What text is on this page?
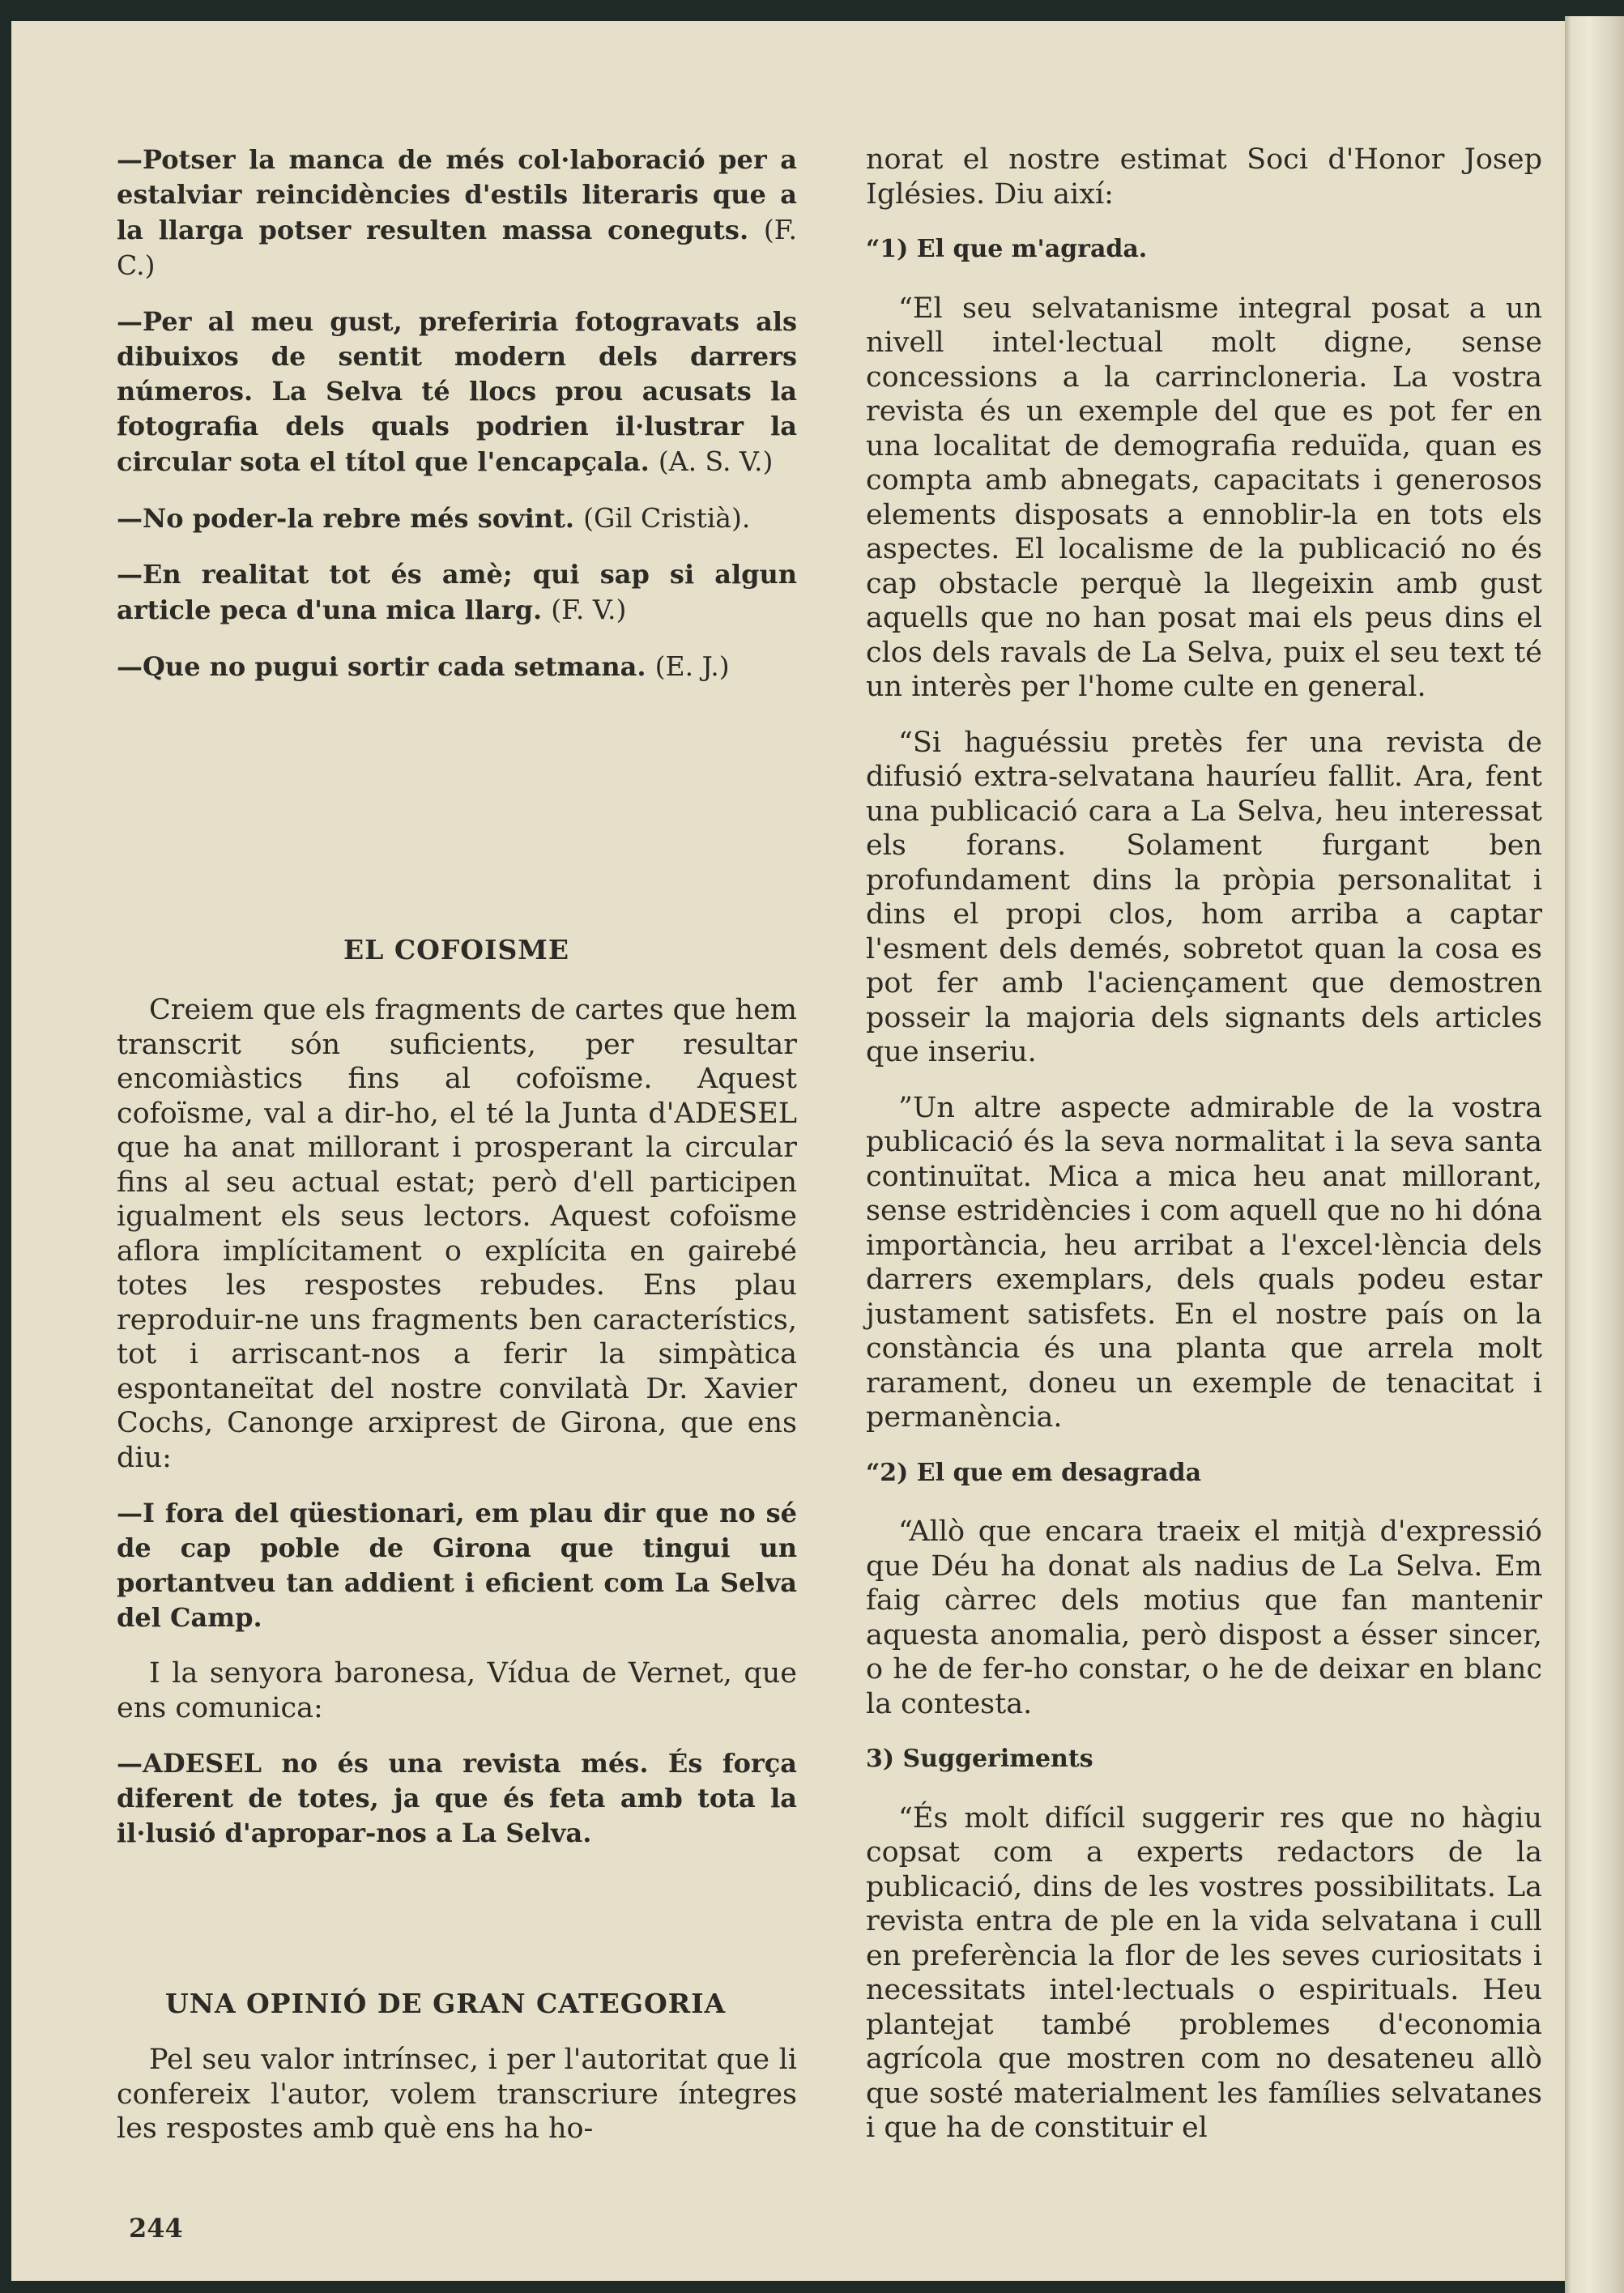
—Potser la manca de més col·laboració per a estalviar reincidències d'estils literaris que a la llarga potser resulten massa coneguts. (F. C.)

—Per al meu gust, preferiria fotogravats als dibuixos de sentit modern dels darrers números. La Selva té llocs prou acusats la fotografia dels quals podrien il·lustrar la circular sota el títol que l'encapçala. (A. S. V.)

—No poder-la rebre més sovint. (Gil Cristià).

—En realitat tot és amè; qui sap si algun article peca d'una mica llarg. (F. V.)

—Que no pugui sortir cada setmana. (E. J.)

EL COFOISME

Creiem que els fragments de cartes que hem transcrit són suficients, per resultar encomiàstics fins al cofoïsme. Aquest cofoïsme, val a dir-ho, el té la Junta d'ADESEL que ha anat millorant i prosperant la circular fins al seu actual estat; però d'ell participen igualment els seus lectors. Aquest cofoïsme aflora implícitament o explícita en gairebé totes les respostes rebudes. Ens plau reproduir-ne uns fragments ben característics, tot i arriscant-nos a ferir la simpàtica espontaneïtat del nostre convilatà Dr. Xavier Cochs, Canonge arxiprest de Girona, que ens diu:

—I fora del qüestionari, em plau dir que no sé de cap poble de Girona que tingui un portantveu tan addient i eficient com La Selva del Camp.

I la senyora baronesa, Vídua de Vernet, que ens comunica:

—ADESEL no és una revista més. És força diferent de totes, ja que és feta amb tota la il·lusió d'apropar-nos a La Selva.

UNA OPINIÓ DE GRAN CATEGORIA

Pel seu valor intrínsec, i per l'autoritat que li confereix l'autor, volem transcriure íntegres les respostes amb què ens ha ho-

norat el nostre estimat Soci d'Honor Josep Iglésies. Diu així:

“1) El que m'agrada.

“El seu selvatanisme integral posat a un nivell intel·lectual molt digne, sense concessions a la carrincloneria. La vostra revista és un exemple del que es pot fer en una localitat de demografia reduïda, quan es compta amb abnegats, capacitats i generosos elements disposats a ennoblir-la en tots els aspectes. El localisme de la publicació no és cap obstacle perquè la llegeixin amb gust aquells que no han posat mai els peus dins el clos dels ravals de La Selva, puix el seu text té un interès per l'home culte en general.

“Si haguéssiu pretès fer una revista de difusió extra-selvatana hauríeu fallit. Ara, fent una publicació cara a La Selva, heu interessat els forans. Solament furgant ben profundament dins la pròpia personalitat i dins el propi clos, hom arriba a captar l'esment dels demés, sobretot quan la cosa es pot fer amb l'aciençament que demostren posseir la majoria dels signants dels articles que inseriu.

”Un altre aspecte admirable de la vostra publicació és la seva normalitat i la seva santa continuïtat. Mica a mica heu anat millorant, sense estridències i com aquell que no hi dóna importància, heu arribat a l'excel·lència dels darrers exemplars, dels quals podeu estar justament satisfets. En el nostre país on la constància és una planta que arrela molt rarament, doneu un exemple de tenacitat i permanència.

“2) El que em desagrada

“Allò que encara traeix el mitjà d'expressió que Déu ha donat als nadius de La Selva. Em faig càrrec dels motius que fan mantenir aquesta anomalia, però dispost a ésser sincer, o he de fer-ho constar, o he de deixar en blanc la contesta.

3) Suggeriments

“És molt difícil suggerir res que no hàgiu copsat com a experts redactors de la publicació, dins de les vostres possibilitats. La revista entra de ple en la vida selvatana i cull en preferència la flor de les seves curiositats i necessitats intel·lectuals o espirituals. Heu plantejat també problemes d'economia agrícola que mostren com no desateneu allò que sosté materialment les famílies selvatanes i que ha de constituir el

244
